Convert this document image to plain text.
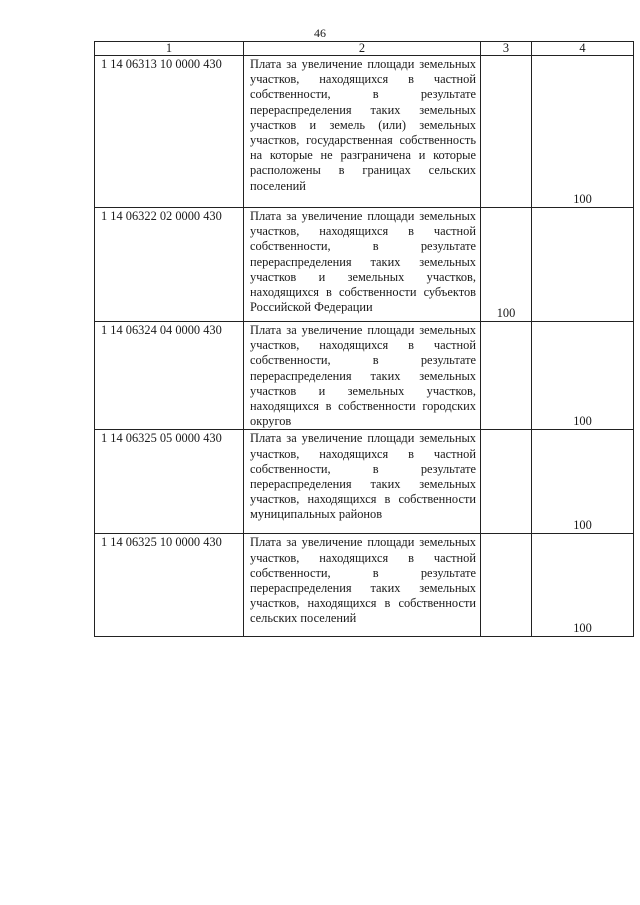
46
1	2	3	4
1 14 06313 10 0000 430	Плата за увеличение площади земельных участков, находящихся в частной собственности, в результате перераспределения таких земельных участков и земель (или) земельных участков, государственная собственность на которые не разграничена и которые расположены в границах сельских поселений		100

1 14 06322 02 0000 430	Плата за увеличение площади земельных участков, находящихся в частной собственности, в результате перераспределения таких земельных участков и земельных участков, находящихся в собственности субъектов Российской Федерации	100	

1 14 06324 04 0000 430	Плата за увеличение площади земельных участков, находящихся в частной собственности, в результате перераспределения таких земельных участков и земельных участков, находящихся в собственности городских округов		100

1 14 06325 05 0000 430	Плата за увеличение площади земельных участков, находящихся в частной собственности, в результате перераспределения таких земельных участков, находящихся в собственности муниципальных районов		100

1 14 06325 10 0000 430	Плата за увеличение площади земельных участков, находящихся в частной собственности, в результате перераспределения таких земельных участков, находящихся в собственности сельских поселений		100
